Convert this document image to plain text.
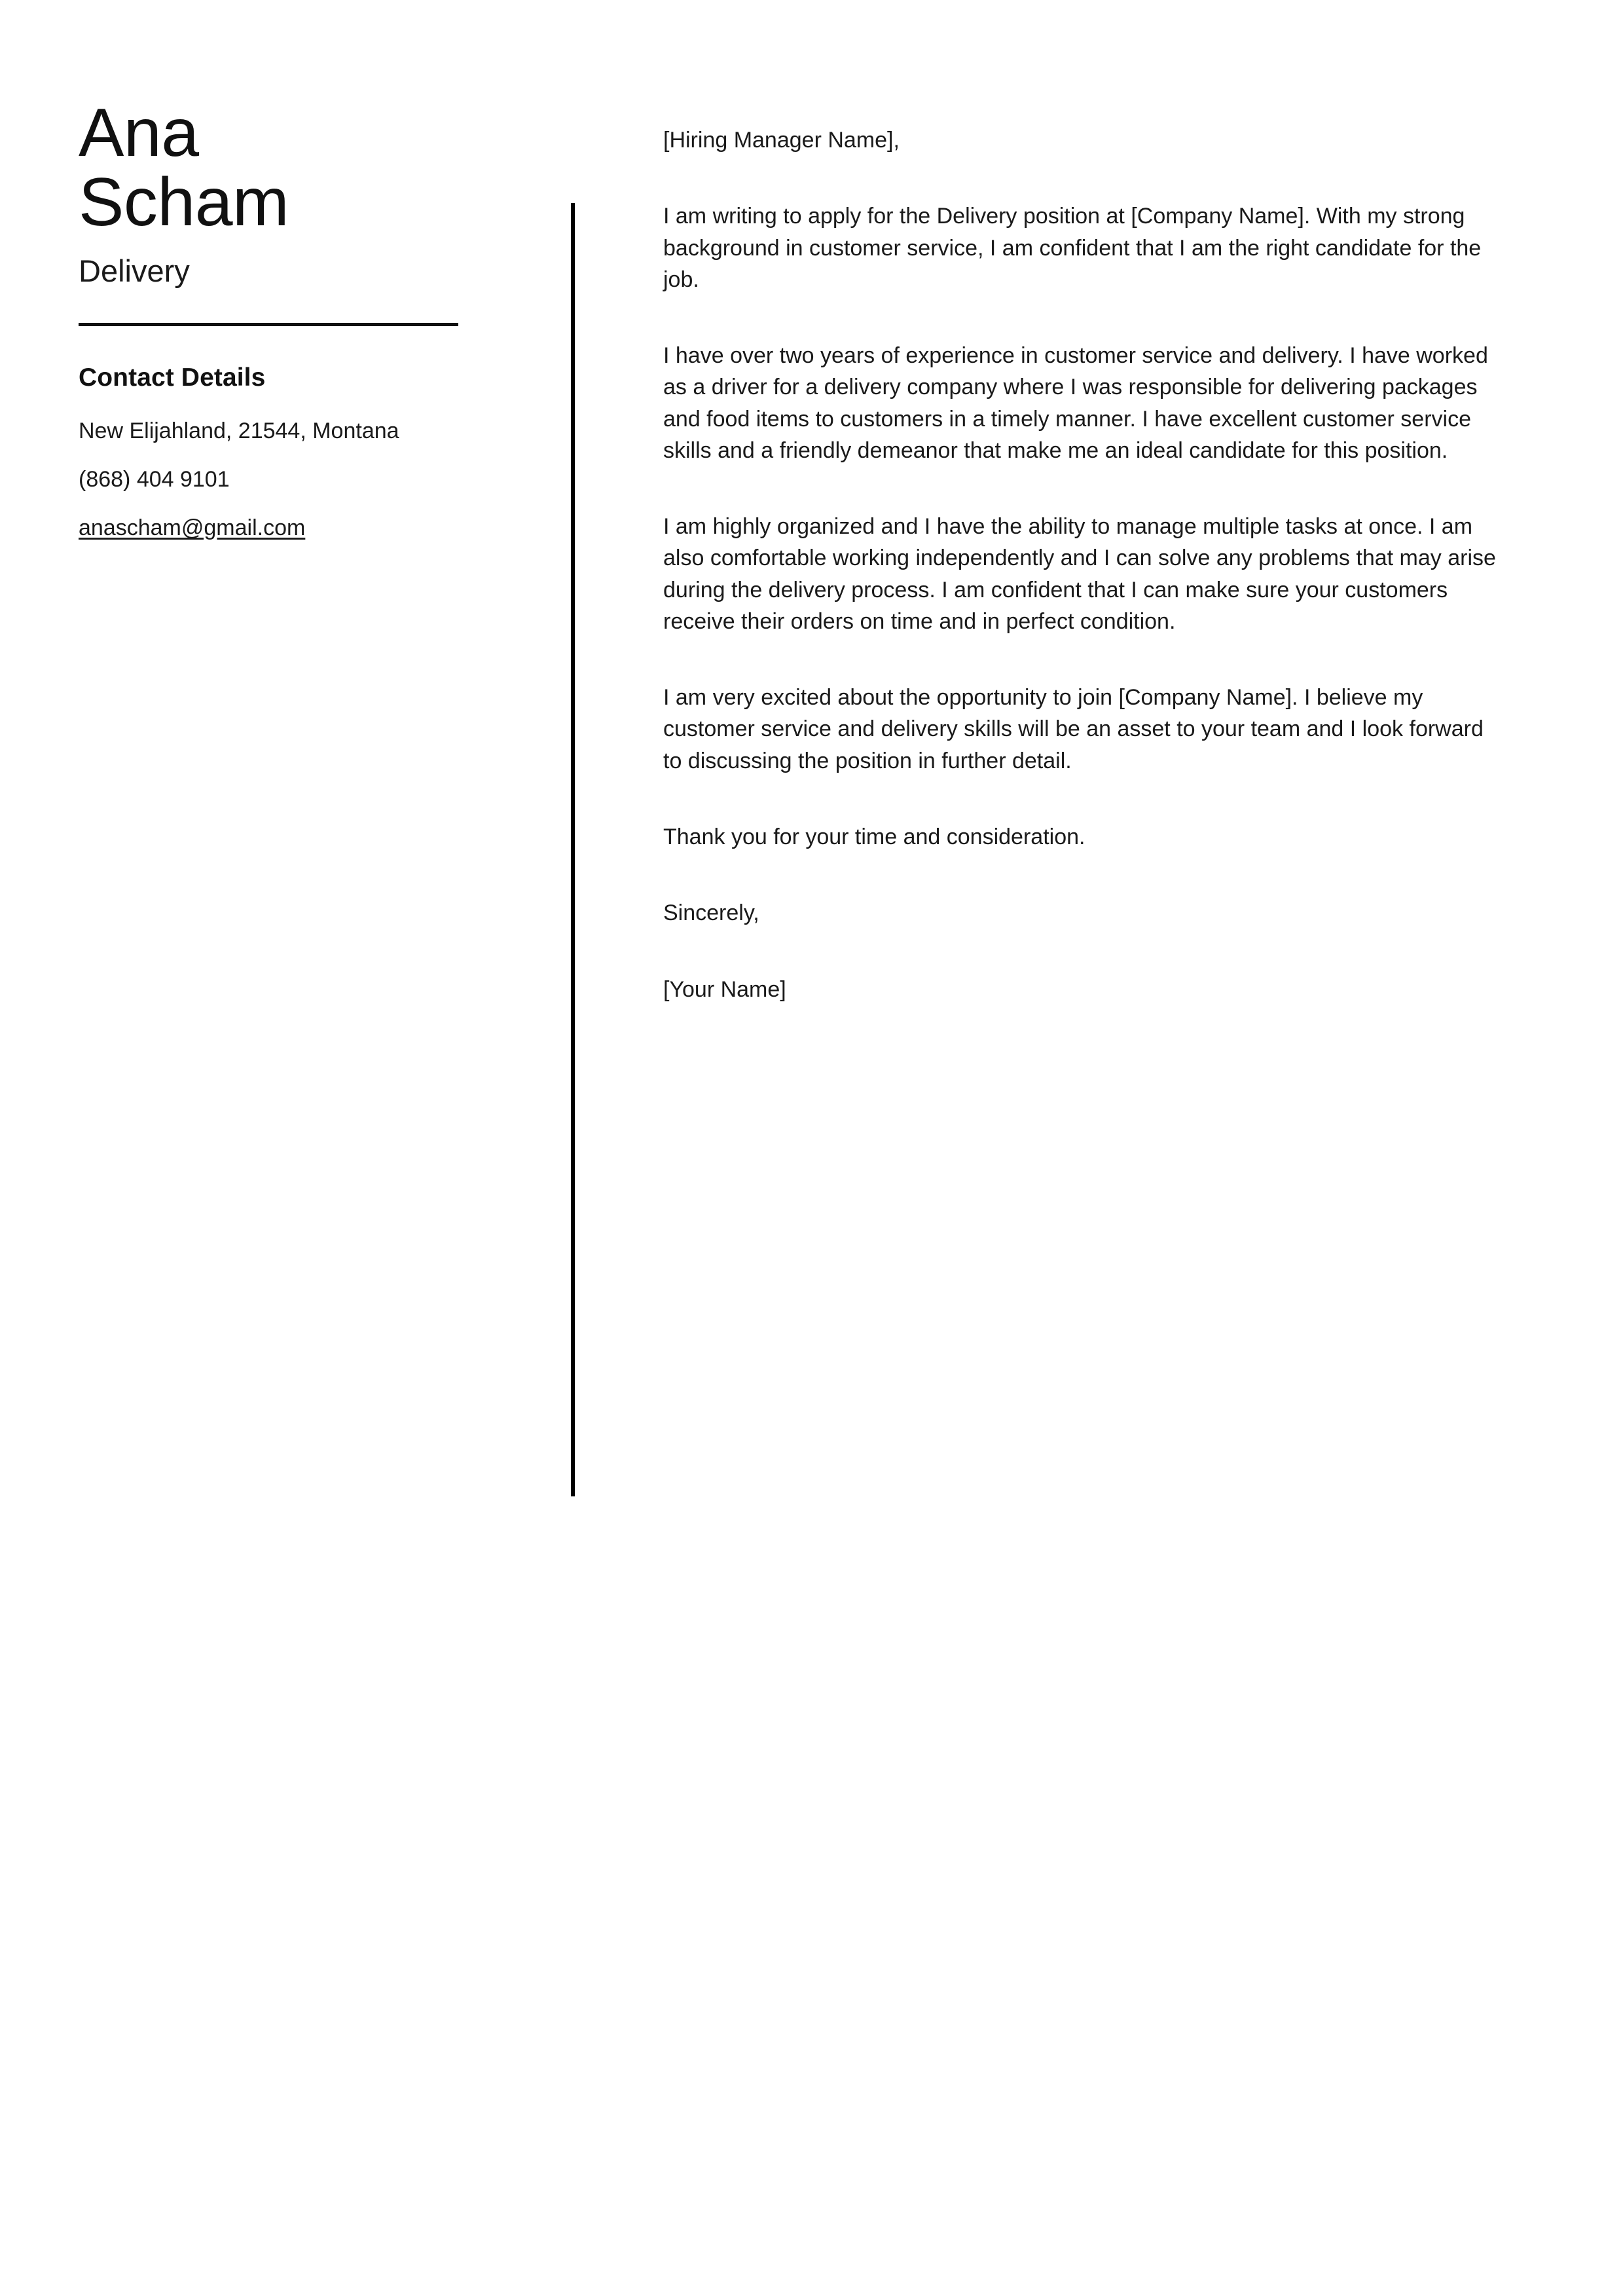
Ana
Scham
Delivery
Contact Details
New Elijahland, 21544, Montana
(868) 404 9101
anascham@gmail.com

[Hiring Manager Name],

I am writing to apply for the Delivery position at [Company Name]. With my strong background in customer service, I am confident that I am the right candidate for the job.

I have over two years of experience in customer service and delivery. I have worked as a driver for a delivery company where I was responsible for delivering packages and food items to customers in a timely manner. I have excellent customer service skills and a friendly demeanor that make me an ideal candidate for this position.

I am highly organized and I have the ability to manage multiple tasks at once. I am also comfortable working independently and I can solve any problems that may arise during the delivery process. I am confident that I can make sure your customers receive their orders on time and in perfect condition.

I am very excited about the opportunity to join [Company Name]. I believe my customer service and delivery skills will be an asset to your team and I look forward to discussing the position in further detail.

Thank you for your time and consideration.

Sincerely,

[Your Name]
